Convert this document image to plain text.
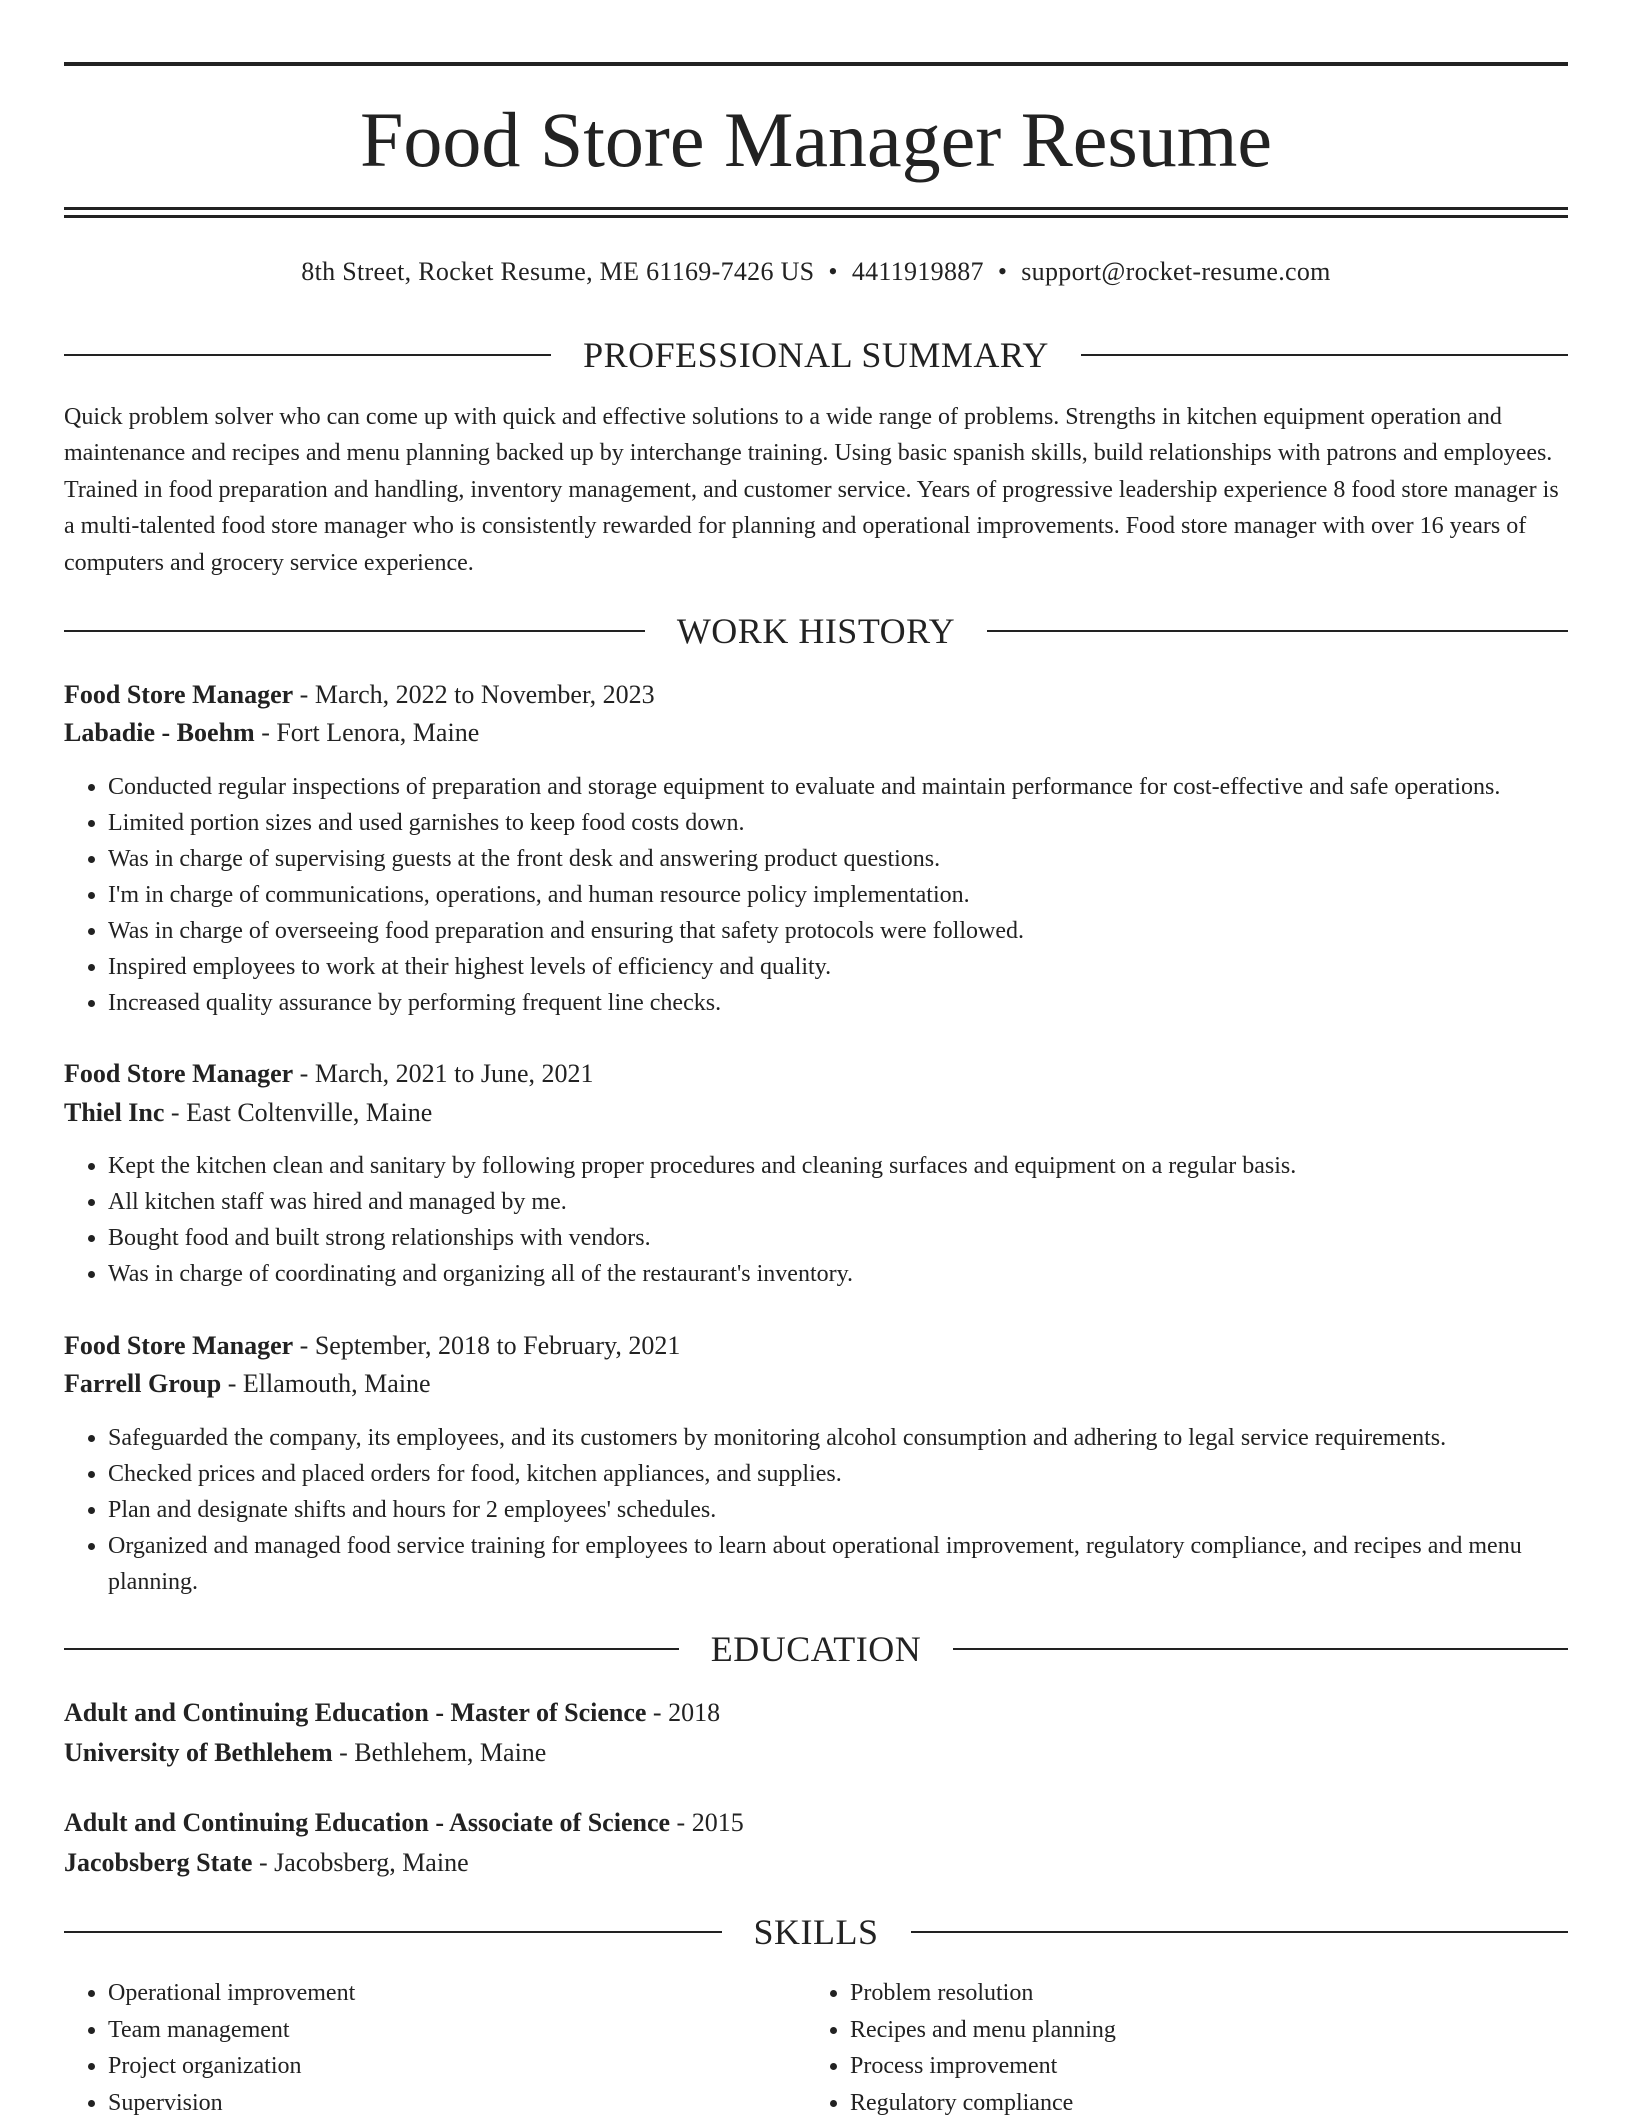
Food Store Manager Resume
8th Street, Rocket Resume, ME 61169-7426 US • 4411919887 • support@rocket-resume.com
PROFESSIONAL SUMMARY

Quick problem solver who can come up with quick and effective solutions to a wide range of problems. Strengths in kitchen equipment operation and maintenance and recipes and menu planning backed up by interchange training. Using basic spanish skills, build relationships with patrons and employees. Trained in food preparation and handling, inventory management, and customer service. Years of progressive leadership experience 8 food store manager is a multi-talented food store manager who is consistently rewarded for planning and operational improvements. Food store manager with over 16 years of computers and grocery service experience.

WORK HISTORY
Food Store Manager - March, 2022 to November, 2023
Labadie - Boehm - Fort Lenora, Maine
• Conducted regular inspections of preparation and storage equipment to evaluate and maintain performance for cost-effective and safe operations.
• Limited portion sizes and used garnishes to keep food costs down.
• Was in charge of supervising guests at the front desk and answering product questions.
• I'm in charge of communications, operations, and human resource policy implementation.
• Was in charge of overseeing food preparation and ensuring that safety protocols were followed.
• Inspired employees to work at their highest levels of efficiency and quality.
• Increased quality assurance by performing frequent line checks.
Food Store Manager - March, 2021 to June, 2021
Thiel Inc - East Coltenville, Maine
• Kept the kitchen clean and sanitary by following proper procedures and cleaning surfaces and equipment on a regular basis.
• All kitchen staff was hired and managed by me.
• Bought food and built strong relationships with vendors.
• Was in charge of coordinating and organizing all of the restaurant's inventory.
Food Store Manager - September, 2018 to February, 2021
Farrell Group - Ellamouth, Maine
• Safeguarded the company, its employees, and its customers by monitoring alcohol consumption and adhering to legal service requirements.
• Checked prices and placed orders for food, kitchen appliances, and supplies.
• Plan and designate shifts and hours for 2 employees' schedules.
• Organized and managed food service training for employees to learn about operational improvement, regulatory compliance, and recipes and menu planning.
EDUCATION
Adult and Continuing Education - Master of Science - 2018
University of Bethlehem - Bethlehem, Maine
Adult and Continuing Education - Associate of Science - 2015
Jacobsberg State - Jacobsberg, Maine
SKILLS
• Operational improvement
• Team management
• Project organization
• Supervision
• Problem resolution
• Recipes and menu planning
• Process improvement
• Regulatory compliance
